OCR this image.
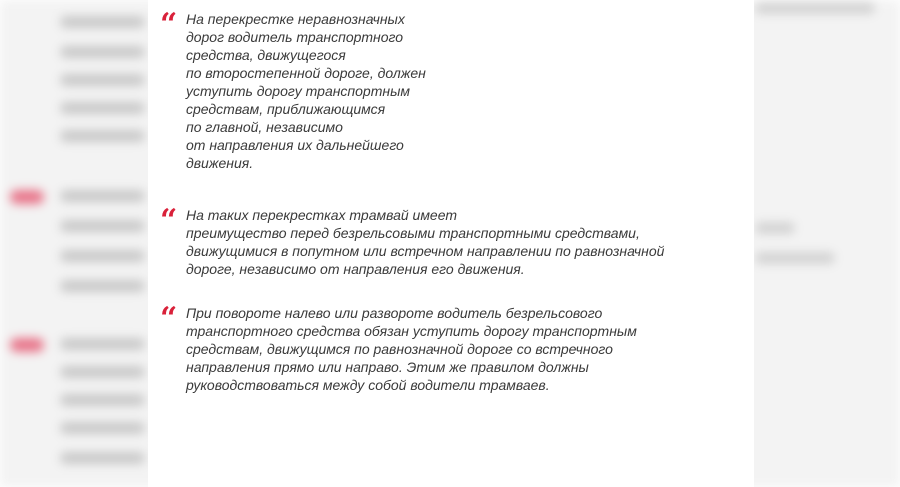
“ На перекрестке неравнозначных
дорог водитель транспортного
средства, движущегося
по второстепенной дороге, должен
уступить дорогу транспортным
средствам, приближающимся
по главной, независимо
от направления их дальнейшего
движения.

“ На таких перекрестках трамвай имеет
преимущество перед безрельсовыми транспортными средствами,
движущимися в попутном или встречном направлении по равнозначной
дороге, независимо от направления его движения.

“ При повороте налево или развороте водитель безрельсового
транспортного средства обязан уступить дорогу транспортным
средствам, движущимся по равнозначной дороге со встречного
направления прямо или направо. Этим же правилом должны
руководствоваться между собой водители трамваев.
